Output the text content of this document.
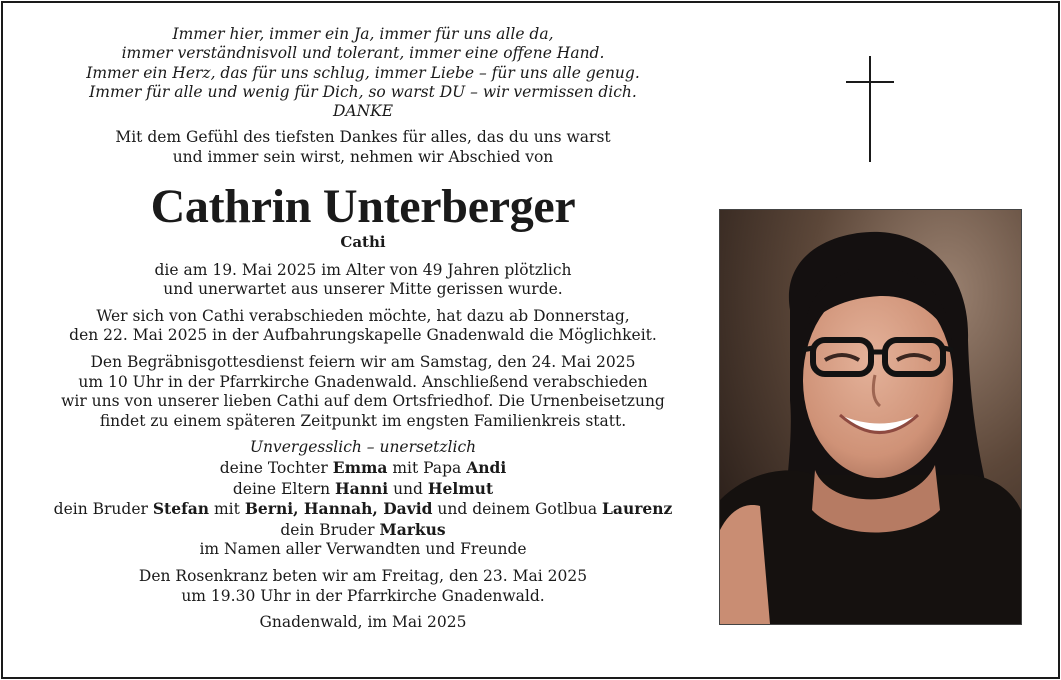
Immer hier, immer ein Ja, immer für uns alle da,
immer verständnisvoll und tolerant, immer eine offene Hand.
Immer ein Herz, das für uns schlug, immer Liebe – für uns alle genug.
Immer für alle und wenig für Dich, so warst DU – wir vermissen dich.
DANKE
Mit dem Gefühl des tiefsten Dankes für alles, das du uns warst
und immer sein wirst, nehmen wir Abschied von
Cathrin Unterberger
Cathi
die am 19. Mai 2025 im Alter von 49 Jahren plötzlich
und unerwartet aus unserer Mitte gerissen wurde.
Wer sich von Cathi verabschieden möchte, hat dazu ab Donnerstag,
den 22. Mai 2025 in der Aufbahrungskapelle Gnadenwald die Möglichkeit.
Den Begräbnisgottesdienst feiern wir am Samstag, den 24. Mai 2025
um 10 Uhr in der Pfarrkirche Gnadenwald. Anschließend verabschieden
wir uns von unserer lieben Cathi auf dem Ortsfriedhof. Die Urnenbeisetzung
findet zu einem späteren Zeitpunkt im engsten Familienkreis statt.
Unvergesslich – unersetzlich
deine Tochter Emma mit Papa Andi
deine Eltern Hanni und Helmut
dein Bruder Stefan mit Berni, Hannah, David und deinem Gotlbua Laurenz
dein Bruder Markus
im Namen aller Verwandten und Freunde
Den Rosenkranz beten wir am Freitag, den 23. Mai 2025
um 19.30 Uhr in der Pfarrkirche Gnadenwald.
Gnadenwald, im Mai 2025
